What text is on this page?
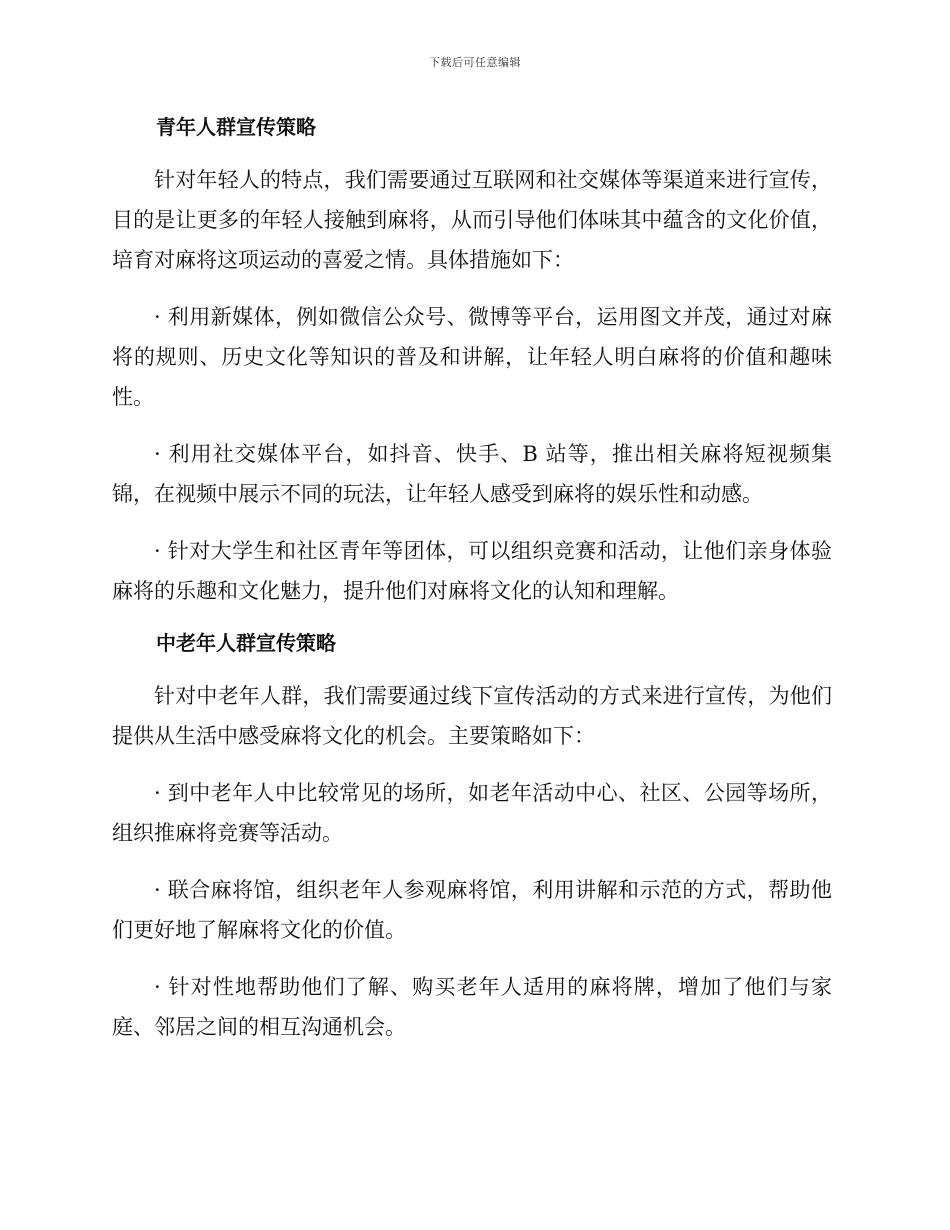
下载后可任意编辑
青年人群宣传策略

针对年轻人的特点，我们需要通过互联网和社交媒体等渠道来进行宣传，目的是让更多的年轻人接触到麻将，从而引导他们体味其中蕴含的文化价值，培育对麻将这项运动的喜爱之情。具体措施如下：

· 利用新媒体，例如微信公众号、微博等平台，运用图文并茂，通过对麻将的规则、历史文化等知识的普及和讲解，让年轻人明白麻将的价值和趣味性。

· 利用社交媒体平台，如抖音、快手、B 站等，推出相关麻将短视频集锦，在视频中展示不同的玩法，让年轻人感受到麻将的娱乐性和动感。

· 针对大学生和社区青年等团体，可以组织竞赛和活动，让他们亲身体验麻将的乐趣和文化魅力，提升他们对麻将文化的认知和理解。

中老年人群宣传策略

针对中老年人群，我们需要通过线下宣传活动的方式来进行宣传，为他们提供从生活中感受麻将文化的机会。主要策略如下：

· 到中老年人中比较常见的场所，如老年活动中心、社区、公园等场所，组织推麻将竞赛等活动。

· 联合麻将馆，组织老年人参观麻将馆，利用讲解和示范的方式，帮助他们更好地了解麻将文化的价值。

· 针对性地帮助他们了解、购买老年人适用的麻将牌，增加了他们与家庭、邻居之间的相互沟通机会。
